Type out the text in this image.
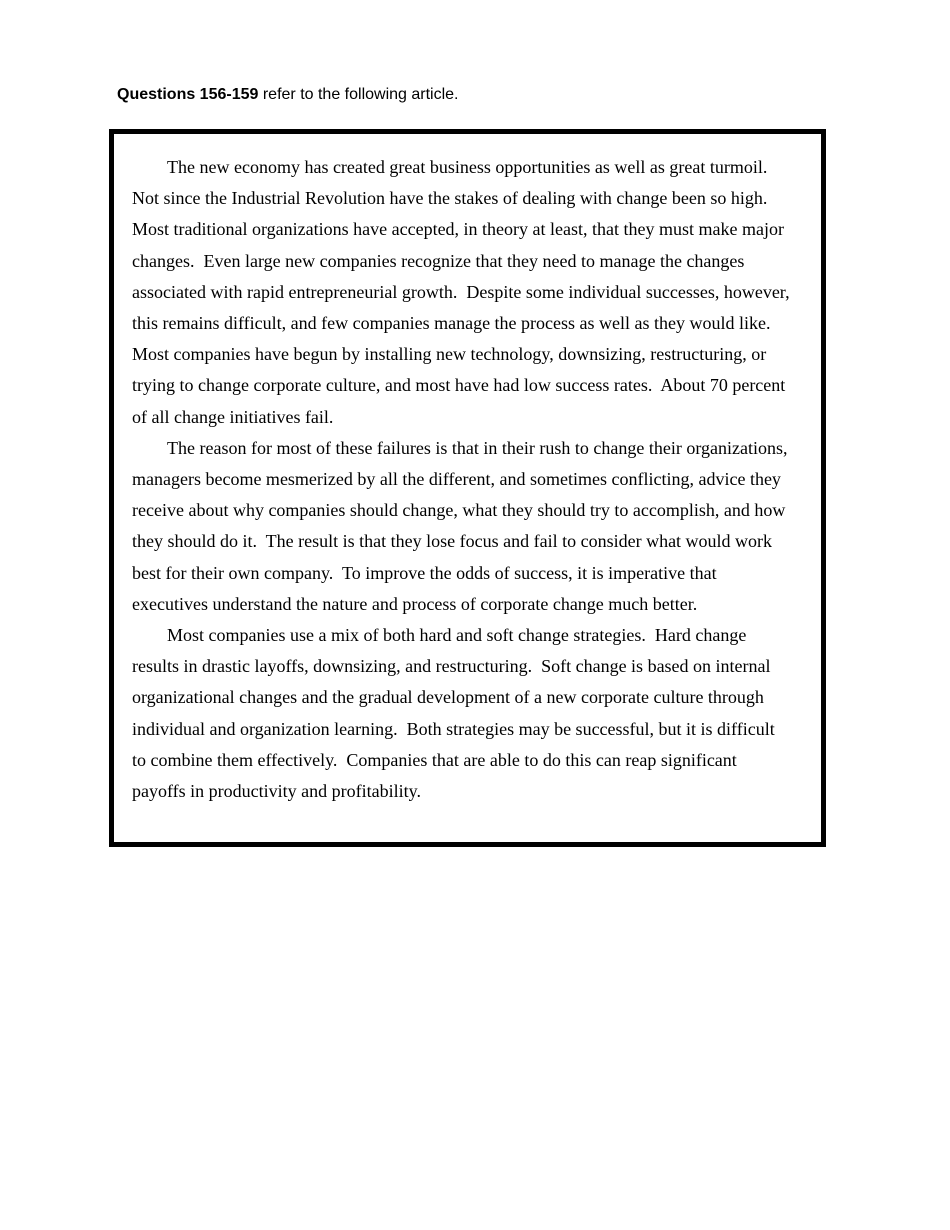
Questions 156-159 refer to the following article.

The new economy has created great business opportunities as well as great turmoil.
Not since the Industrial Revolution have the stakes of dealing with change been so high.
Most traditional organizations have accepted, in theory at least, that they must make major
changes.  Even large new companies recognize that they need to manage the changes
associated with rapid entrepreneurial growth.  Despite some individual successes, however,
this remains difficult, and few companies manage the process as well as they would like.
Most companies have begun by installing new technology, downsizing, restructuring, or
trying to change corporate culture, and most have had low success rates.  About 70 percent
of all change initiatives fail.

The reason for most of these failures is that in their rush to change their organizations,
managers become mesmerized by all the different, and sometimes conflicting, advice they
receive about why companies should change, what they should try to accomplish, and how
they should do it.  The result is that they lose focus and fail to consider what would work
best for their own company.  To improve the odds of success, it is imperative that
executives understand the nature and process of corporate change much better.

Most companies use a mix of both hard and soft change strategies.  Hard change
results in drastic layoffs, downsizing, and restructuring.  Soft change is based on internal
organizational changes and the gradual development of a new corporate culture through
individual and organization learning.  Both strategies may be successful, but it is difficult
to combine them effectively.  Companies that are able to do this can reap significant
payoffs in productivity and profitability.
